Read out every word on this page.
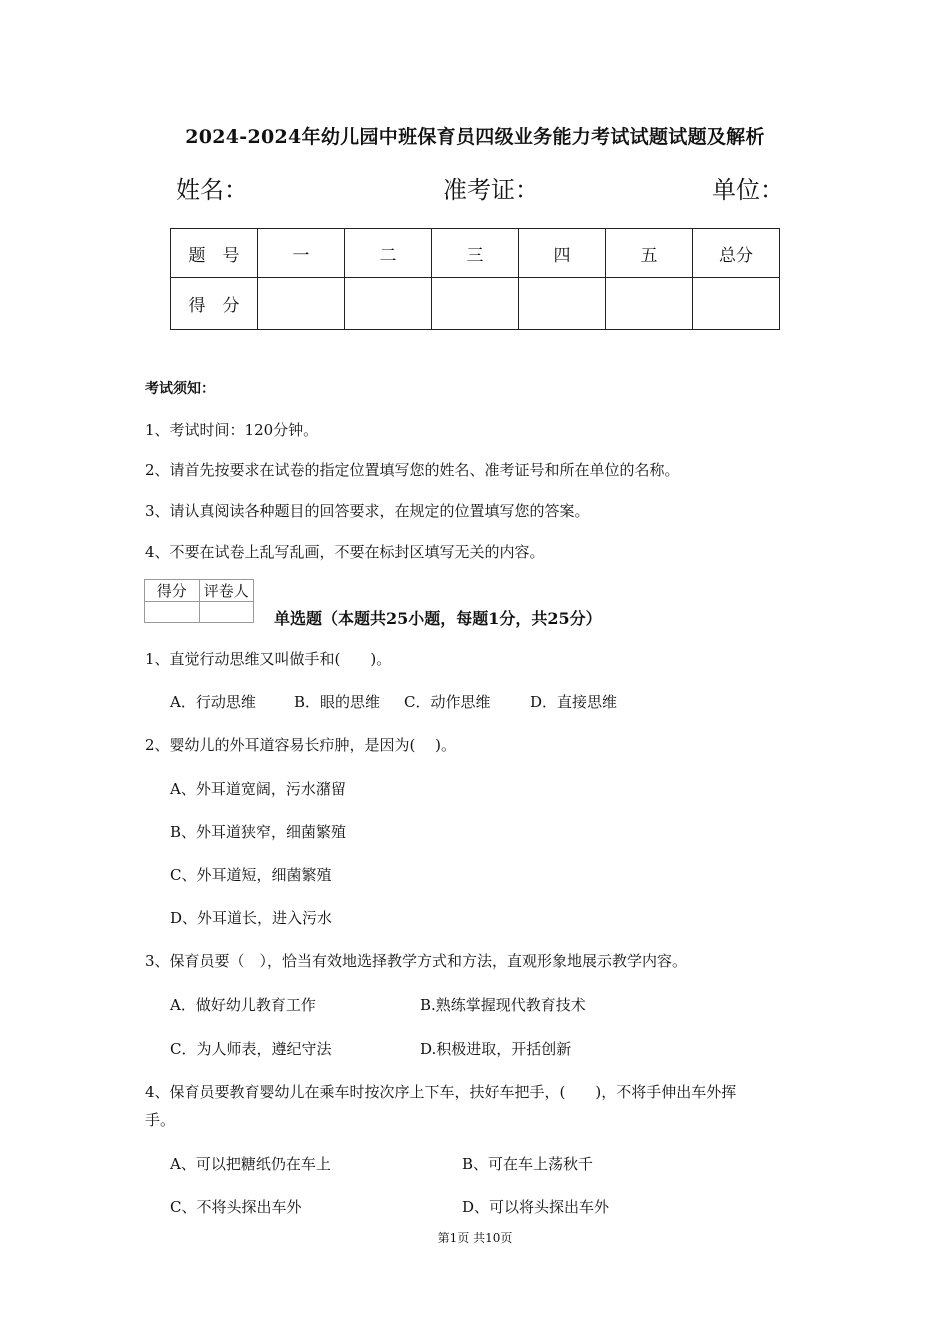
2024-2024年幼儿园中班保育员四级业务能力考试试题试题及解析
姓名：	准考证：	单位：
题　号	一	二	三	四	五	总分
得　分						
考试须知：
1、考试时间：120分钟。
2、请首先按要求在试卷的指定位置填写您的姓名、准考证号和所在单位的名称。
3、请认真阅读各种题目的回答要求，在规定的位置填写您的答案。
4、不要在试卷上乱写乱画，不要在标封区填写无关的内容。
得分	评卷人

单选题（本题共25小题，每题1分，共25分）
1、直觉行动思维又叫做手和(　　)。
A．行动思维	B．眼的思维 C．动作思维	D．直接思维
2、婴幼儿的外耳道容易长疖肿，是因为(　 )。
A、外耳道宽阔，污水潴留
B、外耳道狭窄，细菌繁殖
C、外耳道短，细菌繁殖
D、外耳道长，进入污水
3、保育员要（　），恰当有效地选择教学方式和方法，直观形象地展示教学内容。
A．做好幼儿教育工作	B.熟练掌握现代教育技术
C．为人师表，遵纪守法	D.积极进取，开括创新
4、保育员要教育婴幼儿在乘车时按次序上下车，扶好车把手，(　　)，不将手伸出车外挥
手。
A、可以把糖纸仍在车上	B、可在车上荡秋千
C、不将头探出车外	D、可以将头探出车外
第1页 共10页
